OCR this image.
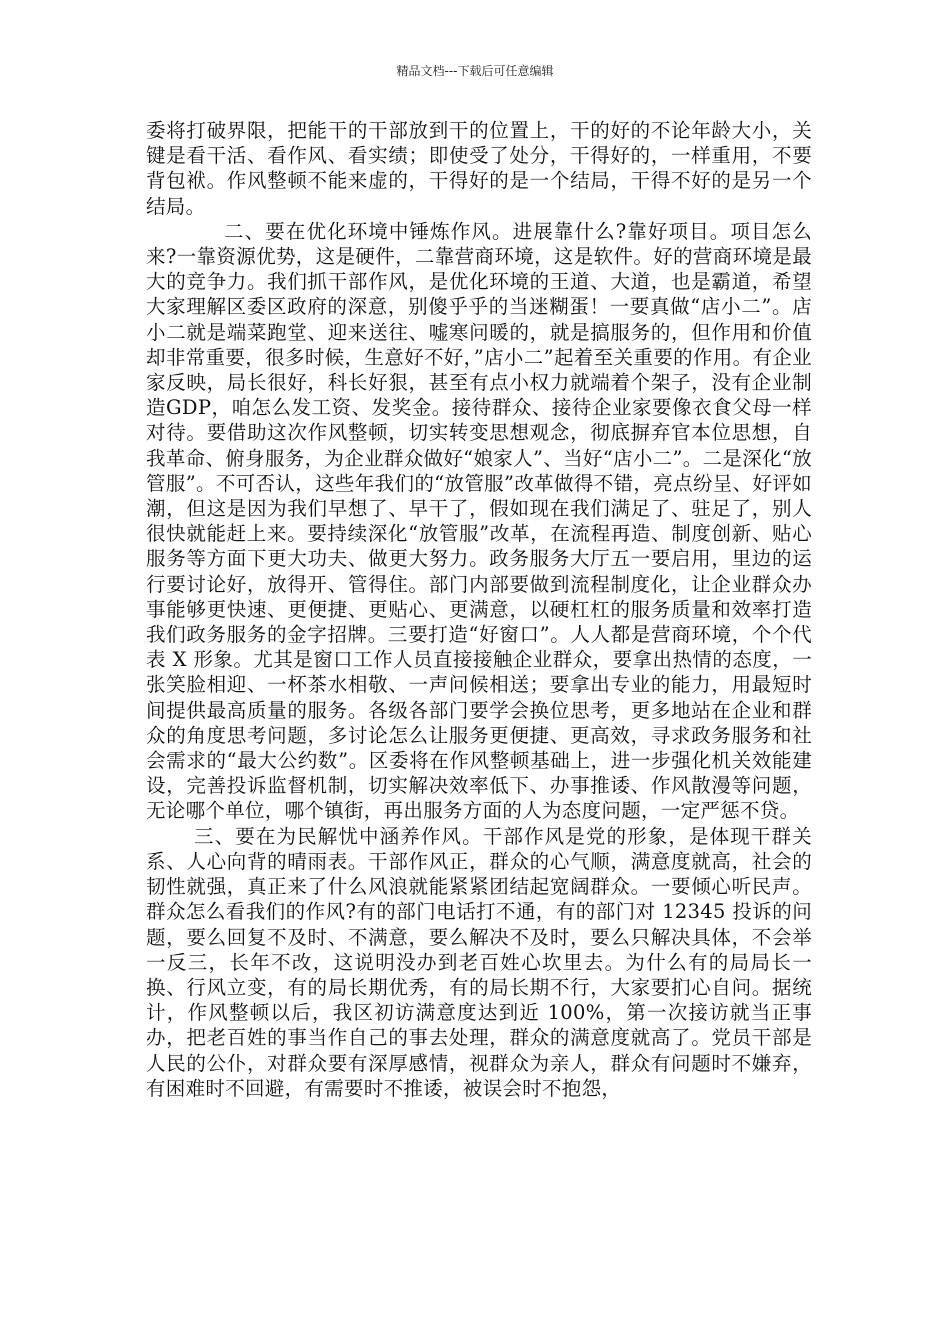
精品文档---下载后可任意编辑

委将打破界限，把能干的干部放到干的位置上，干的好的不论年龄大小，关键是看干活、看作风、看实绩；即使受了处分，干得好的，一样重用，不要背包袱。作风整顿不能来虚的，干得好的是一个结局，干得不好的是另一个结局。

二、要在优化环境中锤炼作风。进展靠什么?靠好项目。项目怎么来?一靠资源优势，这是硬件，二靠营商环境，这是软件。好的营商环境是最大的竞争力。我们抓干部作风，是优化环境的王道、大道，也是霸道，希望大家理解区委区政府的深意，别傻乎乎的当迷糊蛋！一要真做“店小二”。店小二就是端菜跑堂、迎来送往、嘘寒问暖的，就是搞服务的，但作用和价值却非常重要，很多时候，生意好不好，”店小二”起着至关重要的作用。有企业家反映，局长很好，科长好狠，甚至有点小权力就端着个架子，没有企业制造GDP，咱怎么发工资、发奖金。接待群众、接待企业家要像衣食父母一样对待。要借助这次作风整顿，切实转变思想观念，彻底摒弃官本位思想，自我革命、俯身服务，为企业群众做好“娘家人”、当好“店小二”。二是深化“放管服”。不可否认，这些年我们的“放管服”改革做得不错，亮点纷呈、好评如潮，但这是因为我们早想了、早干了，假如现在我们满足了、驻足了，别人很快就能赶上来。要持续深化“放管服”改革，在流程再造、制度创新、贴心服务等方面下更大功夫、做更大努力。政务服务大厅五一要启用，里边的运行要讨论好，放得开、管得住。部门内部要做到流程制度化，让企业群众办事能够更快速、更便捷、更贴心、更满意，以硬杠杠的服务质量和效率打造我们政务服务的金字招牌。三要打造“好窗口”。人人都是营商环境，个个代表 X 形象。尤其是窗口工作人员直接接触企业群众，要拿出热情的态度，一张笑脸相迎、一杯茶水相敬、一声问候相送；要拿出专业的能力，用最短时间提供最高质量的服务。各级各部门要学会换位思考，更多地站在企业和群众的角度思考问题，多讨论怎么让服务更便捷、更高效，寻求政务服务和社会需求的“最大公约数”。区委将在作风整顿基础上，进一步强化机关效能建设，完善投诉监督机制，切实解决效率低下、办事推诿、作风散漫等问题，无论哪个单位，哪个镇街，再出服务方面的人为态度问题，一定严惩不贷。

三、要在为民解忧中涵养作风。干部作风是党的形象，是体现干群关系、人心向背的晴雨表。干部作风正，群众的心气顺，满意度就高，社会的韧性就强，真正来了什么风浪就能紧紧团结起宽阔群众。一要倾心听民声。群众怎么看我们的作风?有的部门电话打不通，有的部门对 12345 投诉的问题，要么回复不及时、不满意，要么解决不及时，要么只解决具体，不会举一反三，长年不改，这说明没办到老百姓心坎里去。为什么有的局局长一换、行风立变，有的局长期优秀，有的局长期不行，大家要扪心自问。据统计，作风整顿以后，我区初访满意度达到近 100%，第一次接访就当正事办，把老百姓的事当作自己的事去处理，群众的满意度就高了。党员干部是人民的公仆，对群众要有深厚感情，视群众为亲人，群众有问题时不嫌弃，有困难时不回避，有需要时不推诿，被误会时不抱怨，
